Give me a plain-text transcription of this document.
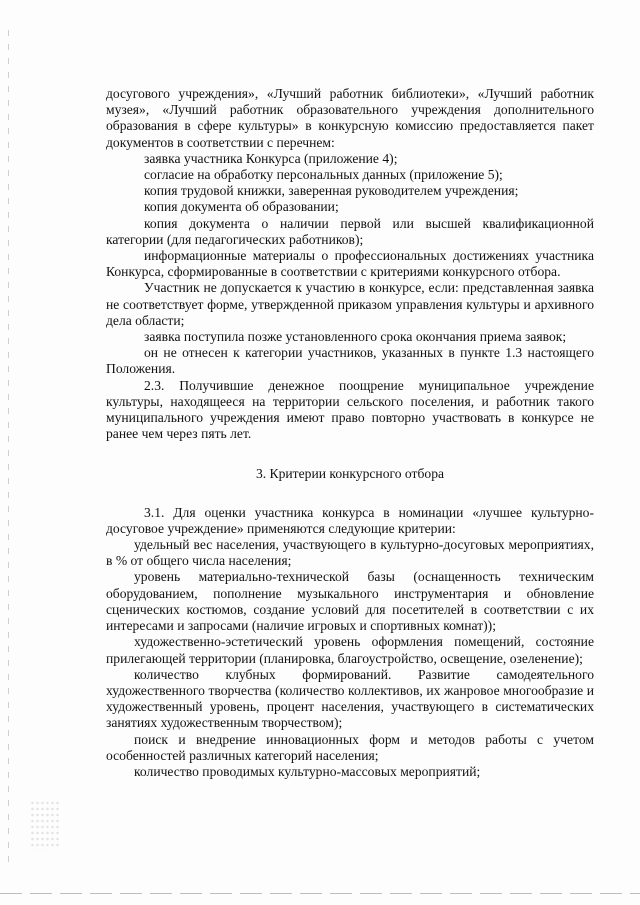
досугового учреждения», «Лучший работник библиотеки», «Лучший работник музея», «Лучший работник образовательного учреждения дополнительного образования в сфере культуры» в конкурсную комиссию предоставляется пакет документов в соответствии с перечнем:

заявка участника Конкурса (приложение 4);

согласие на обработку персональных данных (приложение 5);

копия трудовой книжки, заверенная руководителем учреждения;

копия документа об образовании;

копия документа о наличии первой или высшей квалификационной категории (для педагогических работников);

информационные материалы о профессиональных достижениях участника Конкурса, сформированные в соответствии с критериями конкурсного отбора.

Участник не допускается к участию в конкурсе, если: представленная заявка не соответствует форме, утвержденной приказом управления культуры и архивного дела области;

заявка поступила позже установленного срока окончания приема заявок;

он не отнесен к категории участников, указанных в пункте 1.3 настоящего Положения.

2.3. Получившие денежное поощрение муниципальное учреждение культуры, находящееся на территории сельского поселения, и работник такого муниципального учреждения имеют право повторно участвовать в конкурсе не ранее чем через пять лет.

3. Критерии конкурсного отбора

3.1. Для оценки участника конкурса в номинации «лучшее культурно-досуговое учреждение» применяются следующие критерии:

удельный вес населения, участвующего в культурно-досуговых мероприятиях, в % от общего числа населения;

уровень материально-технической базы (оснащенность техническим оборудованием, пополнение музыкального инструментария и обновление сценических костюмов, создание условий для посетителей в соответствии с их интересами и запросами (наличие игровых и спортивных комнат));

художественно-эстетический уровень оформления помещений, состояние прилегающей территории (планировка, благоустройство, освещение, озеленение);

количество клубных формирований. Развитие самодеятельного художественного творчества (количество коллективов, их жанровое многообразие и художественный уровень, процент населения, участвующего в систематических занятиях художественным творчеством);

поиск и внедрение инновационных форм и методов работы с учетом особенностей различных категорий населения;

количество проводимых культурно-массовых мероприятий;
